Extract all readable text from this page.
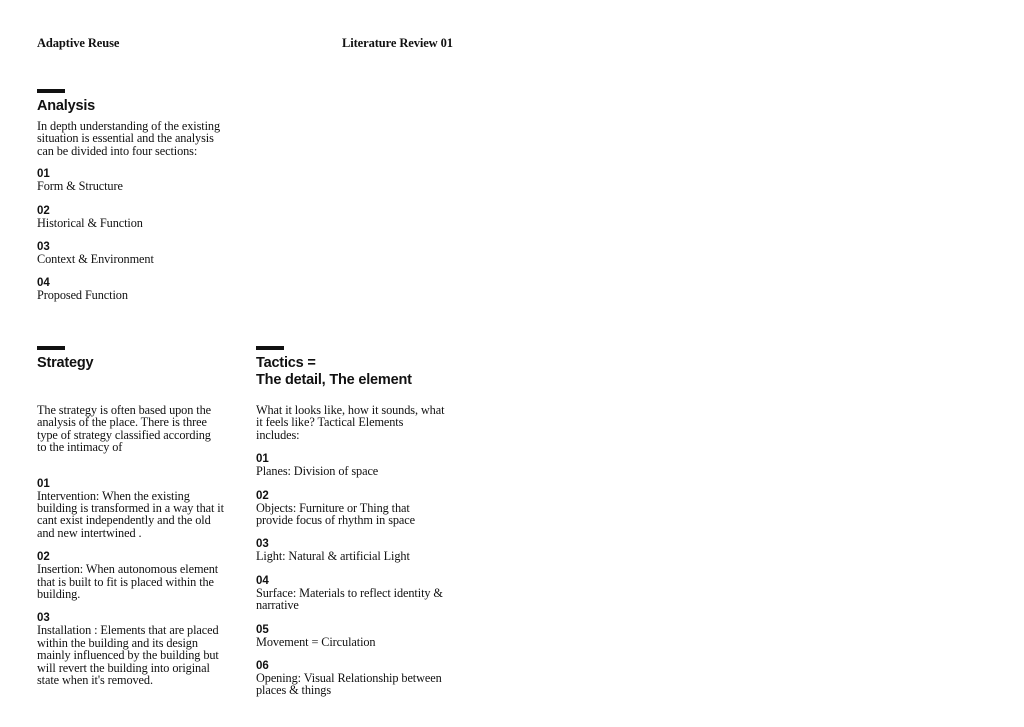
Adaptive Reuse	Literature Review 01
Analysis
In depth understanding of the existing situation is essential and the analysis can be divided into four sections:
01
Form & Structure
02
Historical & Function
03
Context & Environment
04
Proposed Function
Strategy
The strategy is often based upon the analysis of the place. There is three type of strategy classified according to the intimacy of
01
Intervention: When the existing building is transformed in a way that it cant exist independently and the old and new intertwined .
02
Insertion: When autonomous element that is built to fit is placed within the building.
03
Installation : Elements that are placed within the building and its design mainly influenced by the building but will revert the building into original state when it's removed.
Tactics =
The detail, The element
What it looks like, how it sounds, what it feels like? Tactical Elements includes:
01
Planes: Division of space
02
Objects: Furniture or Thing that provide focus of rhythm in space
03
Light: Natural & artificial Light
04
Surface: Materials to reflect identity & narrative
05
Movement = Circulation
06
Opening: Visual Relationship between places & things
